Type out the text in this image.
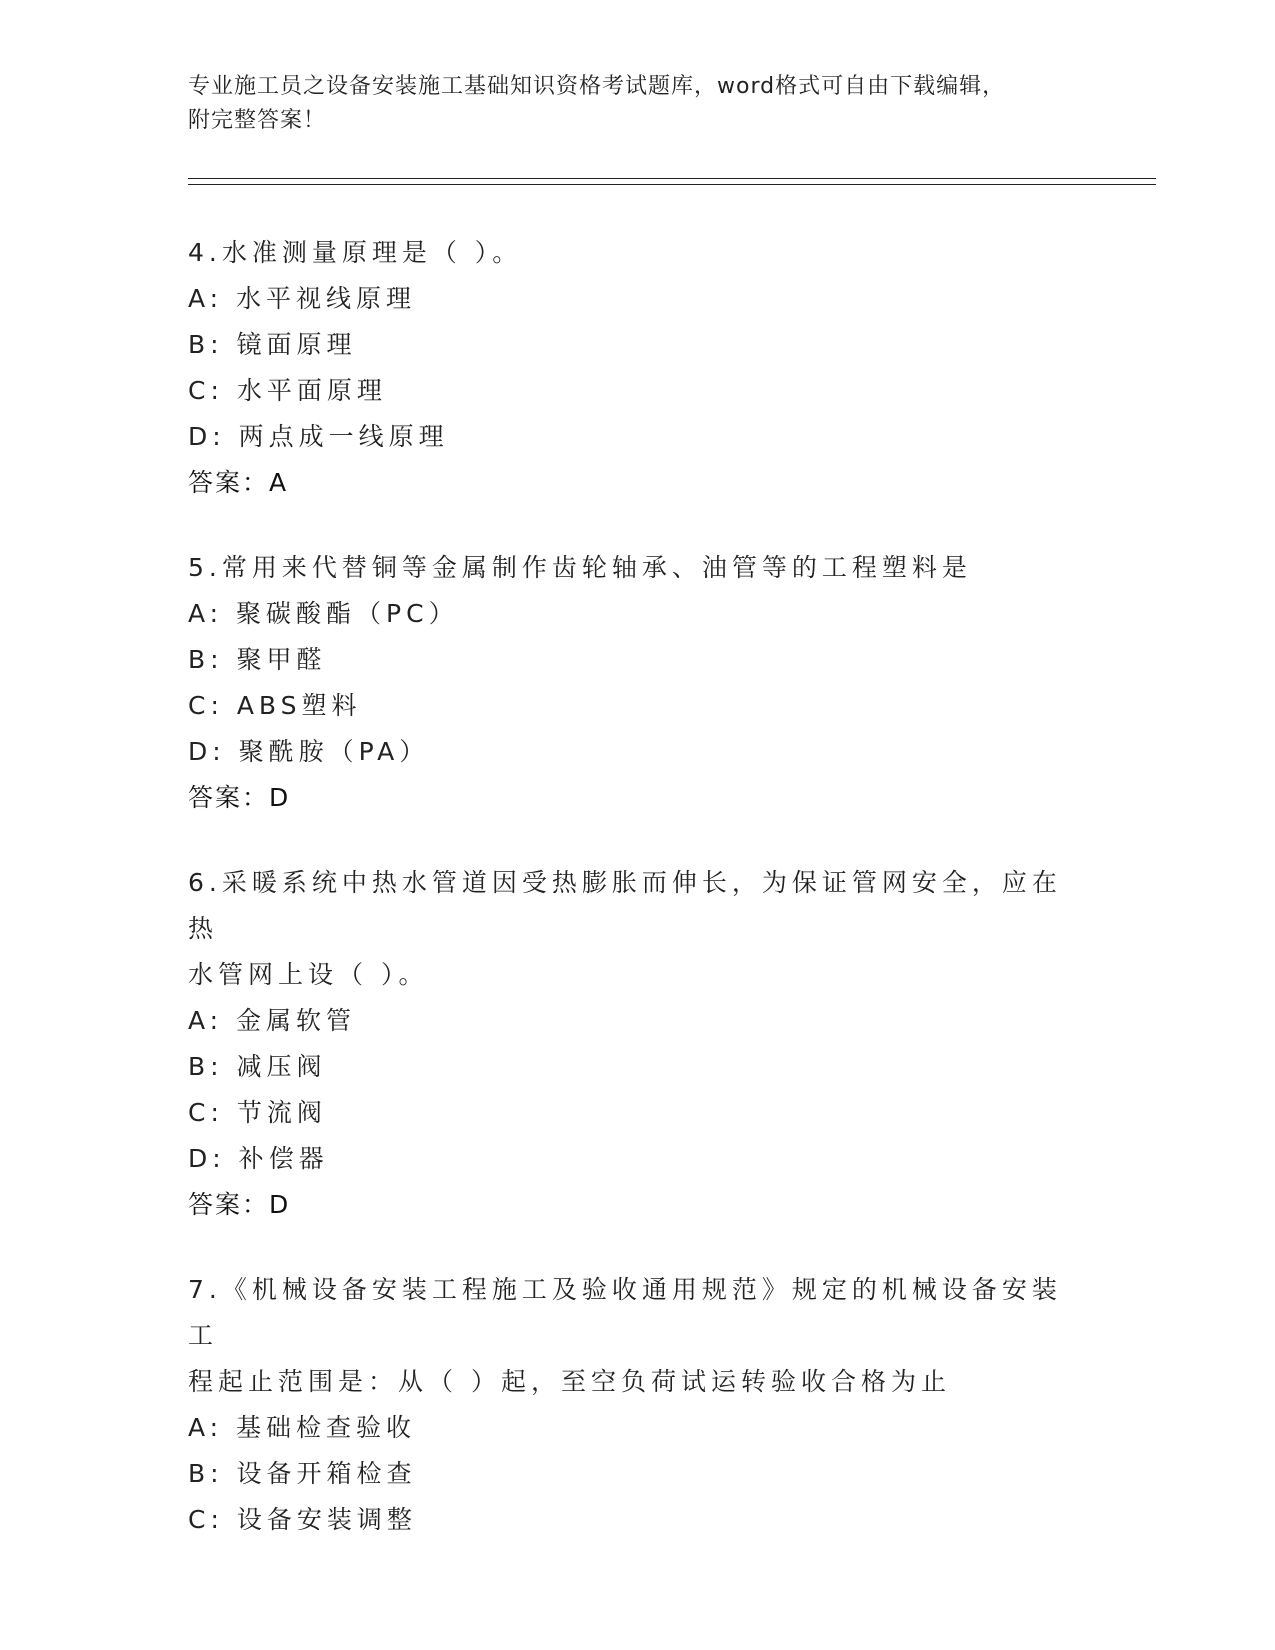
专业施工员之设备安装施工基础知识资格考试题库，word格式可自由下载编辑，

附完整答案！

4.水准测量原理是（ ）。

A: 水平视线原理

B: 镜面原理

C: 水平面原理

D: 两点成一线原理

答案：A

5.常用来代替铜等金属制作齿轮轴承、油管等的工程塑料是

A: 聚碳酸酯（PC）

B: 聚甲醛

C: ABS塑料

D: 聚酰胺（PA）

答案：D

6.采暖系统中热水管道因受热膨胀而伸长，为保证管网安全，应在热

水管网上设（ ）。

A: 金属软管

B: 减压阀

C: 节流阀

D: 补偿器

答案：D

7.《机械设备安装工程施工及验收通用规范》规定的机械设备安装工

程起止范围是：从（ ）起，至空负荷试运转验收合格为止

A: 基础检查验收

B: 设备开箱检查

C: 设备安装调整
